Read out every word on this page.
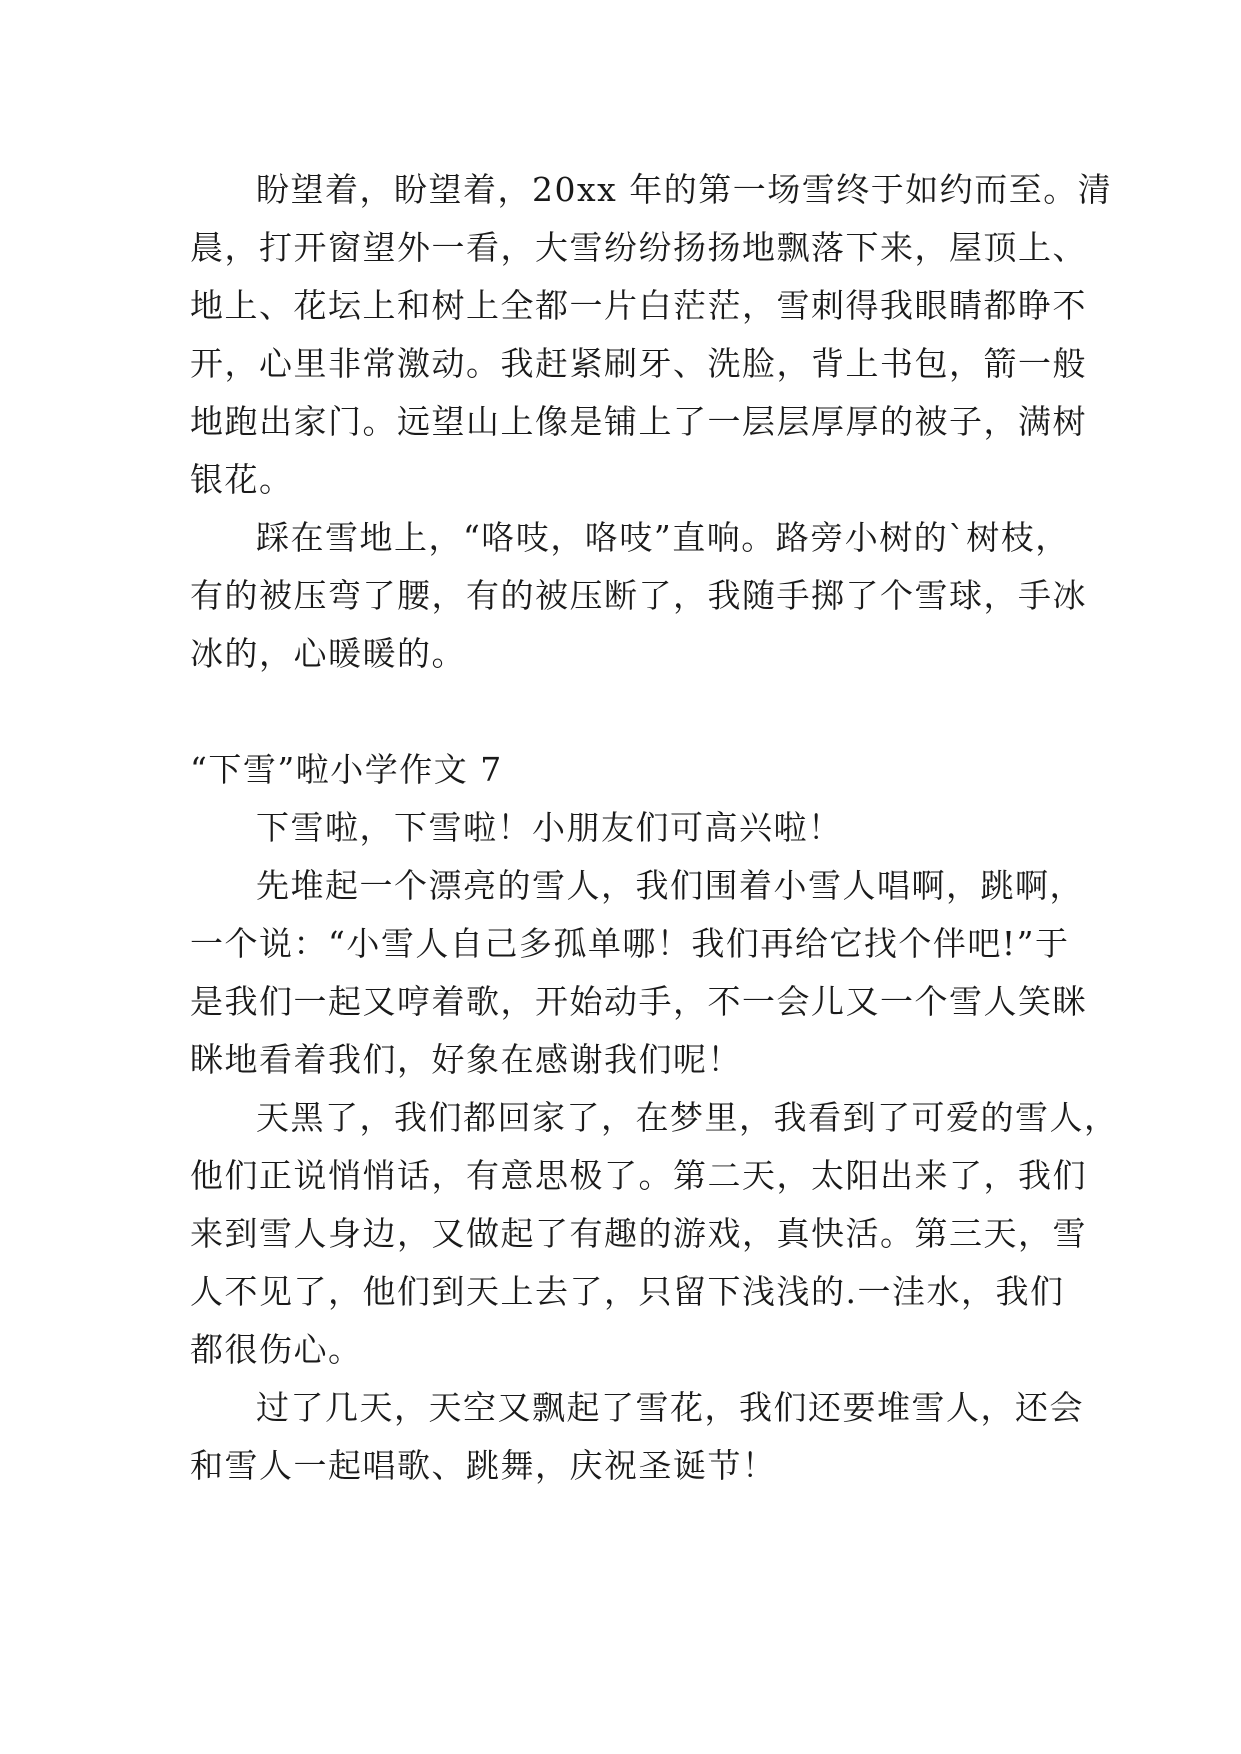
盼望着，盼望着，20xx 年的第一场雪终于如约而至。清
晨，打开窗望外一看，大雪纷纷扬扬地飘落下来，屋顶上、
地上、花坛上和树上全都一片白茫茫，雪刺得我眼睛都睁不
开，心里非常激动。我赶紧刷牙、洗脸，背上书包，箭一般
地跑出家门。远望山上像是铺上了一层层厚厚的被子，满树
银花。
踩在雪地上，“咯吱，咯吱”直响。路旁小树的`树枝，
有的被压弯了腰，有的被压断了，我随手掷了个雪球，手冰
冰的，心暖暖的。
“下雪”啦小学作文 7
下雪啦，下雪啦！小朋友们可高兴啦！
先堆起一个漂亮的雪人，我们围着小雪人唱啊，跳啊，
一个说：“小雪人自己多孤单哪！我们再给它找个伴吧!”于
是我们一起又哼着歌，开始动手，不一会儿又一个雪人笑眯
眯地看着我们，好象在感谢我们呢！
天黑了，我们都回家了，在梦里，我看到了可爱的雪人，
他们正说悄悄话，有意思极了。第二天，太阳出来了，我们
来到雪人身边，又做起了有趣的游戏，真快活。第三天，雪
人不见了，他们到天上去了，只留下浅浅的.一洼水，我们
都很伤心。
过了几天，天空又飘起了雪花，我们还要堆雪人，还会
和雪人一起唱歌、跳舞，庆祝圣诞节！
